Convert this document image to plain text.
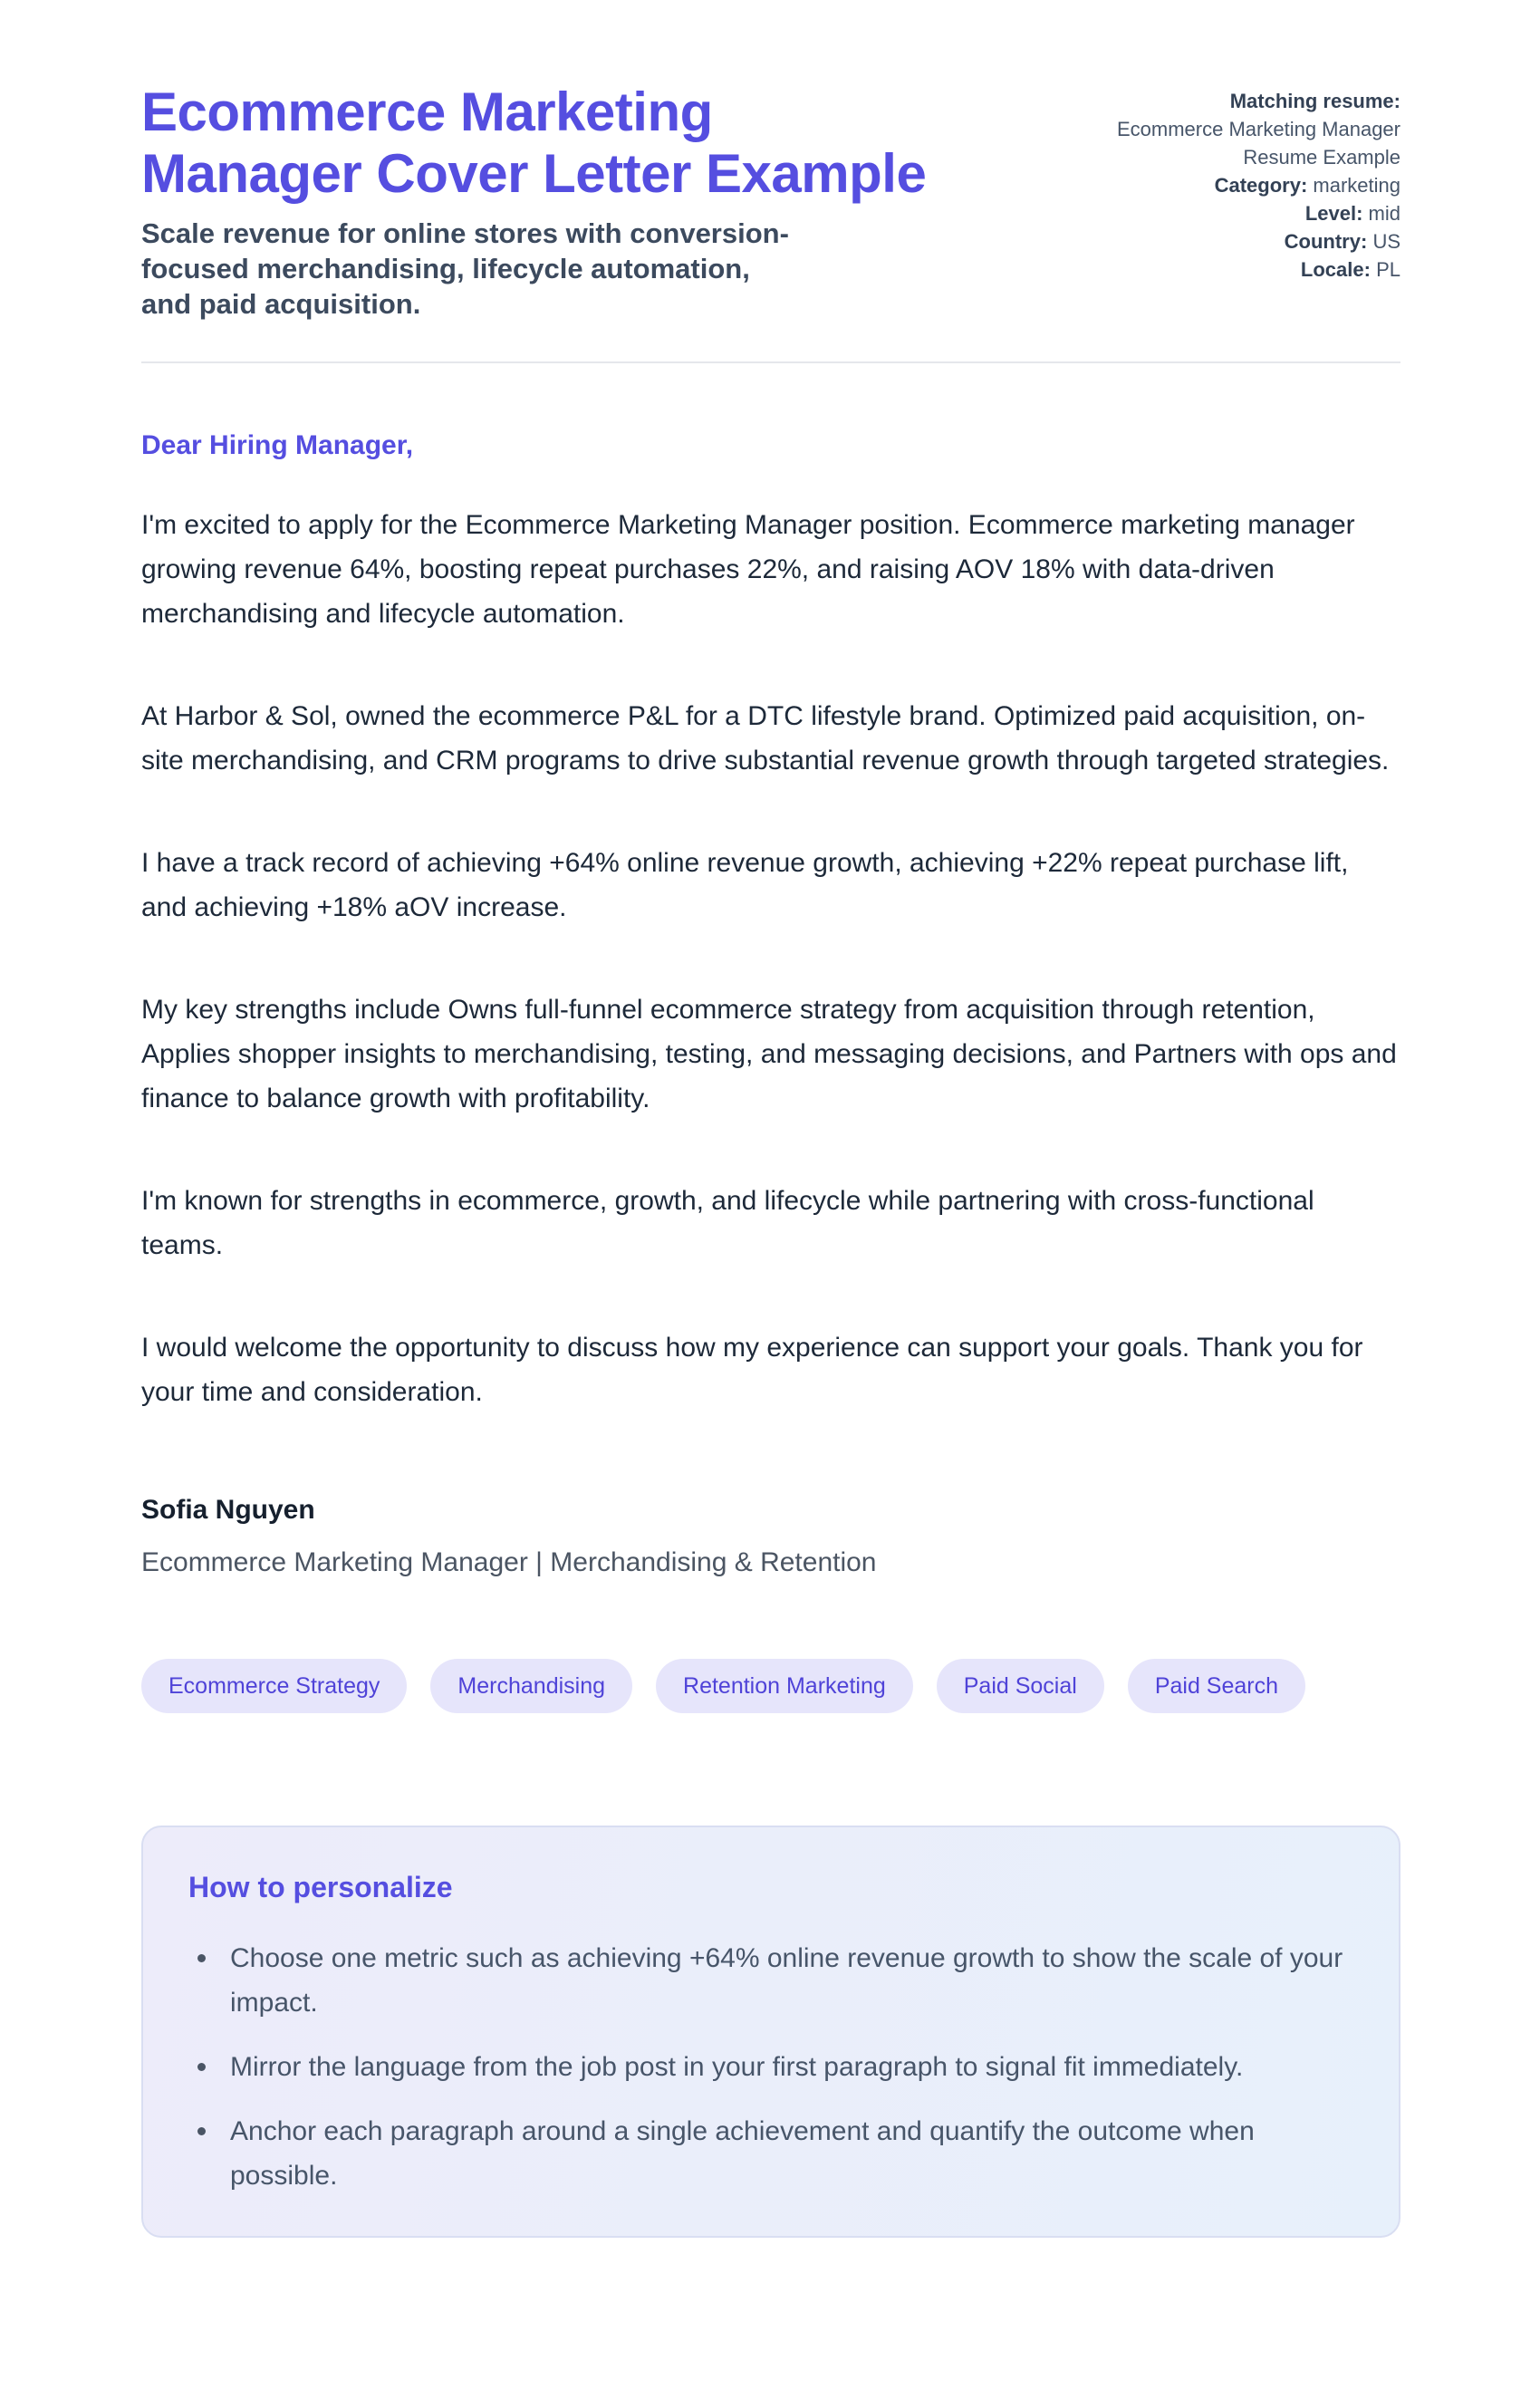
Ecommerce Marketing
Manager Cover Letter Example

Scale revenue for online stores with conversion-
focused merchandising, lifecycle automation,
and paid acquisition.

Matching resume:
Ecommerce Marketing Manager Resume Example
Category: marketing
Level: mid
Country: US
Locale: PL

Dear Hiring Manager,

I'm excited to apply for the Ecommerce Marketing Manager position. Ecommerce marketing manager growing revenue 64%, boosting repeat purchases 22%, and raising AOV 18% with data-driven merchandising and lifecycle automation.

At Harbor & Sol, owned the ecommerce P&L for a DTC lifestyle brand. Optimized paid acquisition, on-site merchandising, and CRM programs to drive substantial revenue growth through targeted strategies.

I have a track record of achieving +64% online revenue growth, achieving +22% repeat purchase lift, and achieving +18% aOV increase.

My key strengths include Owns full-funnel ecommerce strategy from acquisition through retention, Applies shopper insights to merchandising, testing, and messaging decisions, and Partners with ops and finance to balance growth with profitability.

I'm known for strengths in ecommerce, growth, and lifecycle while partnering with cross-functional teams.

I would welcome the opportunity to discuss how my experience can support your goals. Thank you for your time and consideration.

Sofia Nguyen

Ecommerce Marketing Manager | Merchandising & Retention

Ecommerce Strategy	Merchandising	Retention Marketing	Paid Social	Paid Search
How to personalize
Choose one metric such as achieving +64% online revenue growth to show the scale of your impact.
Mirror the language from the job post in your first paragraph to signal fit immediately.
Anchor each paragraph around a single achievement and quantify the outcome when possible.
